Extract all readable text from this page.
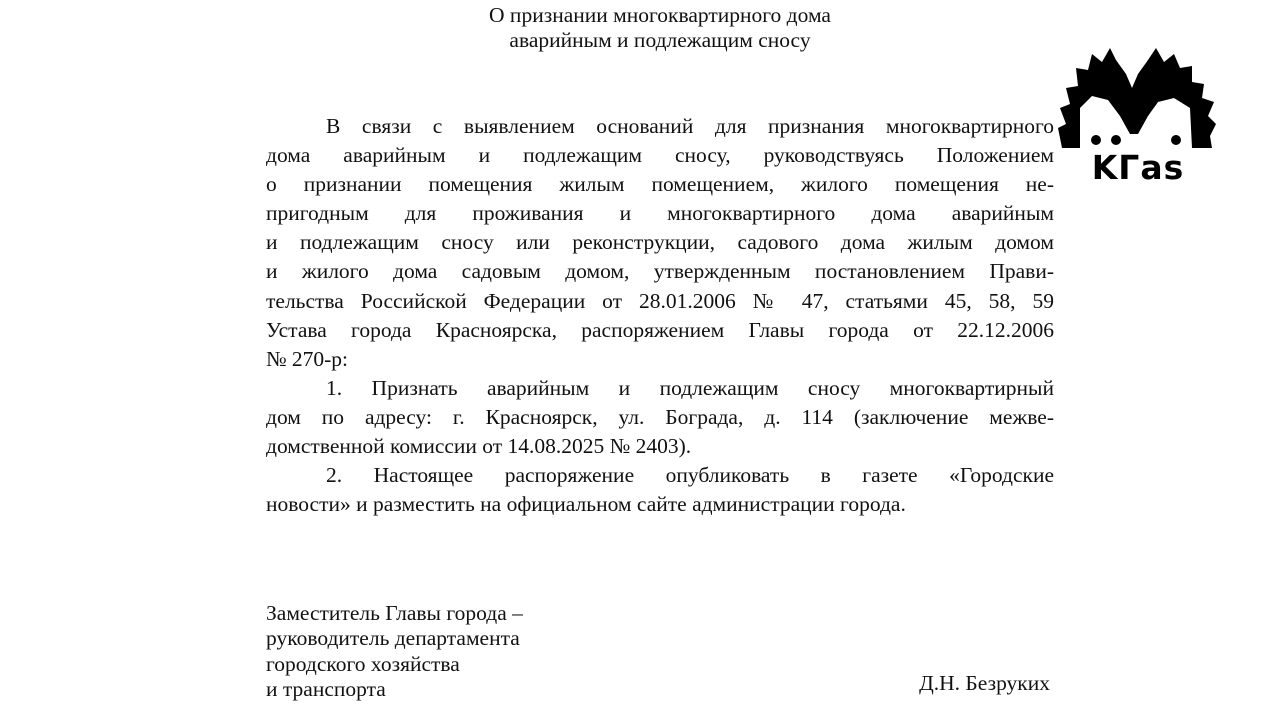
О признании многоквартирного дома
аварийным и подлежащим сносу
В связи с выявлением оснований для признания многоквартирного
дома аварийным и подлежащим сносу, руководствуясь Положением
о признании помещения жилым помещением, жилого помещения не-
пригодным для проживания и многоквартирного дома аварийным
и подлежащим сносу или реконструкции, садового дома жилым домом
и жилого дома садовым домом, утвержденным постановлением Прави-
тельства Российской Федерации от 28.01.2006 № 47, статьями 45, 58, 59
Устава города Красноярска, распоряжением Главы города от 22.12.2006
№ 270-р:
1. Признать аварийным и подлежащим сносу многоквартирный
дом по адресу: г. Красноярск, ул. Бограда, д. 114 (заключение межве-
домственной комиссии от 14.08.2025 № 2403).
2. Настоящее распоряжение опубликовать в газете «Городские
новости» и разместить на официальном сайте администрации города.
Заместитель Главы города –
руководитель департамента
городского хозяйства
и транспорта	Д.Н. Безруких
KГаs
